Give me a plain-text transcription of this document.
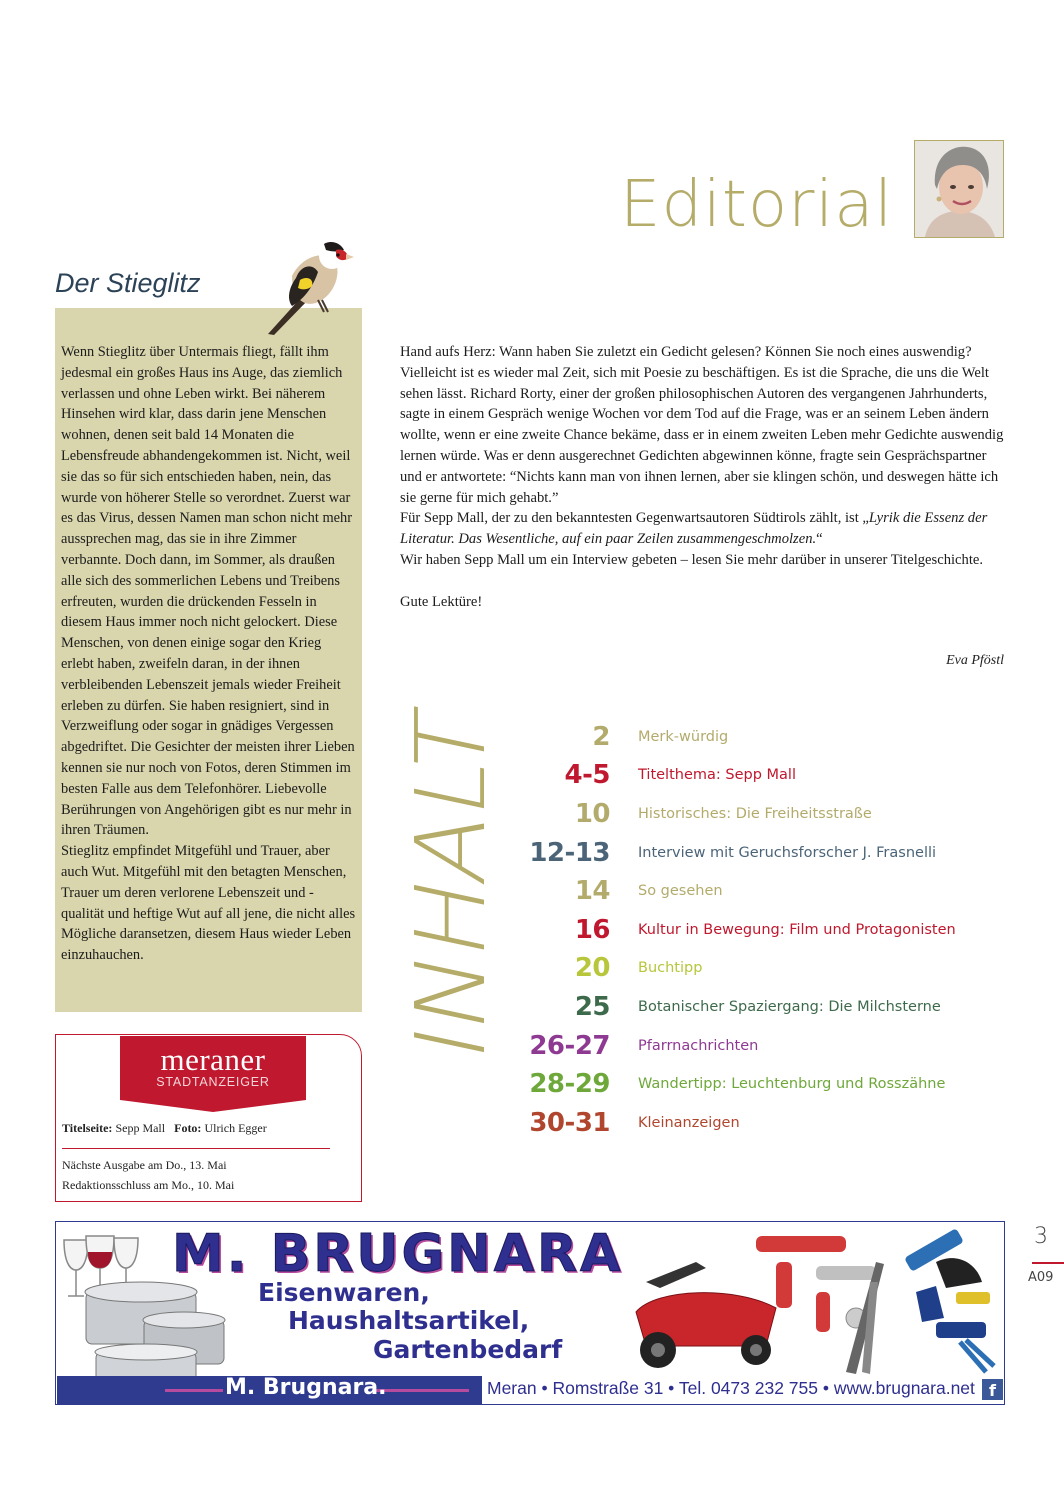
Editorial
Der Stieglitz

Wenn Stieglitz über Untermais fliegt, fällt ihm jedesmal ein großes Haus ins Auge, das ziemlich verlassen und ohne Leben wirkt. Bei näherem Hinsehen wird klar, dass darin jene Menschen wohnen, denen seit bald 14 Monaten die Lebensfreude abhandengekommen ist. Nicht, weil sie das so für sich entschieden haben, nein, das wurde von höherer Stelle so verordnet. Zuerst war es das Virus, dessen Namen man schon nicht mehr aussprechen mag, das sie in ihre Zimmer verbannte. Doch dann, im Sommer, als draußen alle sich des sommerlichen Lebens und Treibens erfreuten, wurden die drückenden Fesseln in diesem Haus immer noch nicht gelockert. Diese Menschen, von denen einige sogar den Krieg erlebt haben, zweifeln daran, in der ihnen verbleibenden Lebenszeit jemals wieder Freiheit erleben zu dürfen. Sie haben resigniert, sind in Verzweiflung oder sogar in gnädiges Vergessen abgedriftet. Die Gesichter der meisten ihrer Lieben kennen sie nur noch von Fotos, deren Stimmen im besten Falle aus dem Telefonhörer. Liebevolle Berührungen von Angehörigen gibt es nur mehr in ihren Träumen.

Stieglitz empfindet Mitgefühl und Trauer, aber auch Wut. Mitgefühl mit den betagten Menschen, Trauer um deren verlorene Lebenszeit und -qualität und heftige Wut auf all jene, die nicht alles Mögliche daransetzen, diesem Haus wieder Leben einzuhauchen.

meraner
STADTANZEIGER
Titelseite: Sepp Mall Foto: Ulrich Egger
Nächste Ausgabe am Do., 13. Mai
Redaktionsschluss am Mo., 10. Mai

Hand aufs Herz: Wann haben Sie zuletzt ein Gedicht gelesen? Können Sie noch eines auswendig? Vielleicht ist es wieder mal Zeit, sich mit Poesie zu beschäftigen. Es ist die Sprache, die uns die Welt sehen lässt. Richard Rorty, einer der großen philosophischen Autoren des vergangenen Jahrhunderts, sagte in einem Gespräch wenige Wochen vor dem Tod auf die Frage, was er an seinem Leben ändern wollte, wenn er eine zweite Chance bekäme, dass er in einem zweiten Leben mehr Gedichte auswendig lernen würde. Was er denn ausgerechnet Gedichten abgewinnen könne, fragte sein Gesprächspartner und er antwortete: “Nichts kann man von ihnen lernen, aber sie klingen schön, und deswegen hätte ich sie gerne für mich gehabt.”

Für Sepp Mall, der zu den bekanntesten Gegenwartsautoren Südtirols zählt, ist „Lyrik die Essenz der Literatur. Das Wesentliche, auf ein paar Zeilen zusammengeschmolzen.“

Wir haben Sepp Mall um ein Interview gebeten – lesen Sie mehr darüber in unserer Titelgeschichte.

Gute Lektüre!

Eva Pföstl
INHALT	2 Merk-würdig
4-5 Titelthema: Sepp Mall
10 Historisches: Die Freiheitsstraße
12-13 Interview mit Geruchsforscher J. Frasnelli
14 So gesehen
16 Kultur in Bewegung: Film und Protagonisten
20 Buchtipp
25 Botanischer Spaziergang: Die Milchsterne
26-27 Pfarrnachrichten
28-29 Wandertipp: Leuchtenburg und Rosszähne
30-31 Kleinanzeigen
3
A09
M. BRUGNARA
Eisenwaren,
Haushaltsartikel,
Gartenbedarf
M. Brugnara.	Meran • Romstraße 31 • Tel. 0473 232 755 • www.brugnara.net f
